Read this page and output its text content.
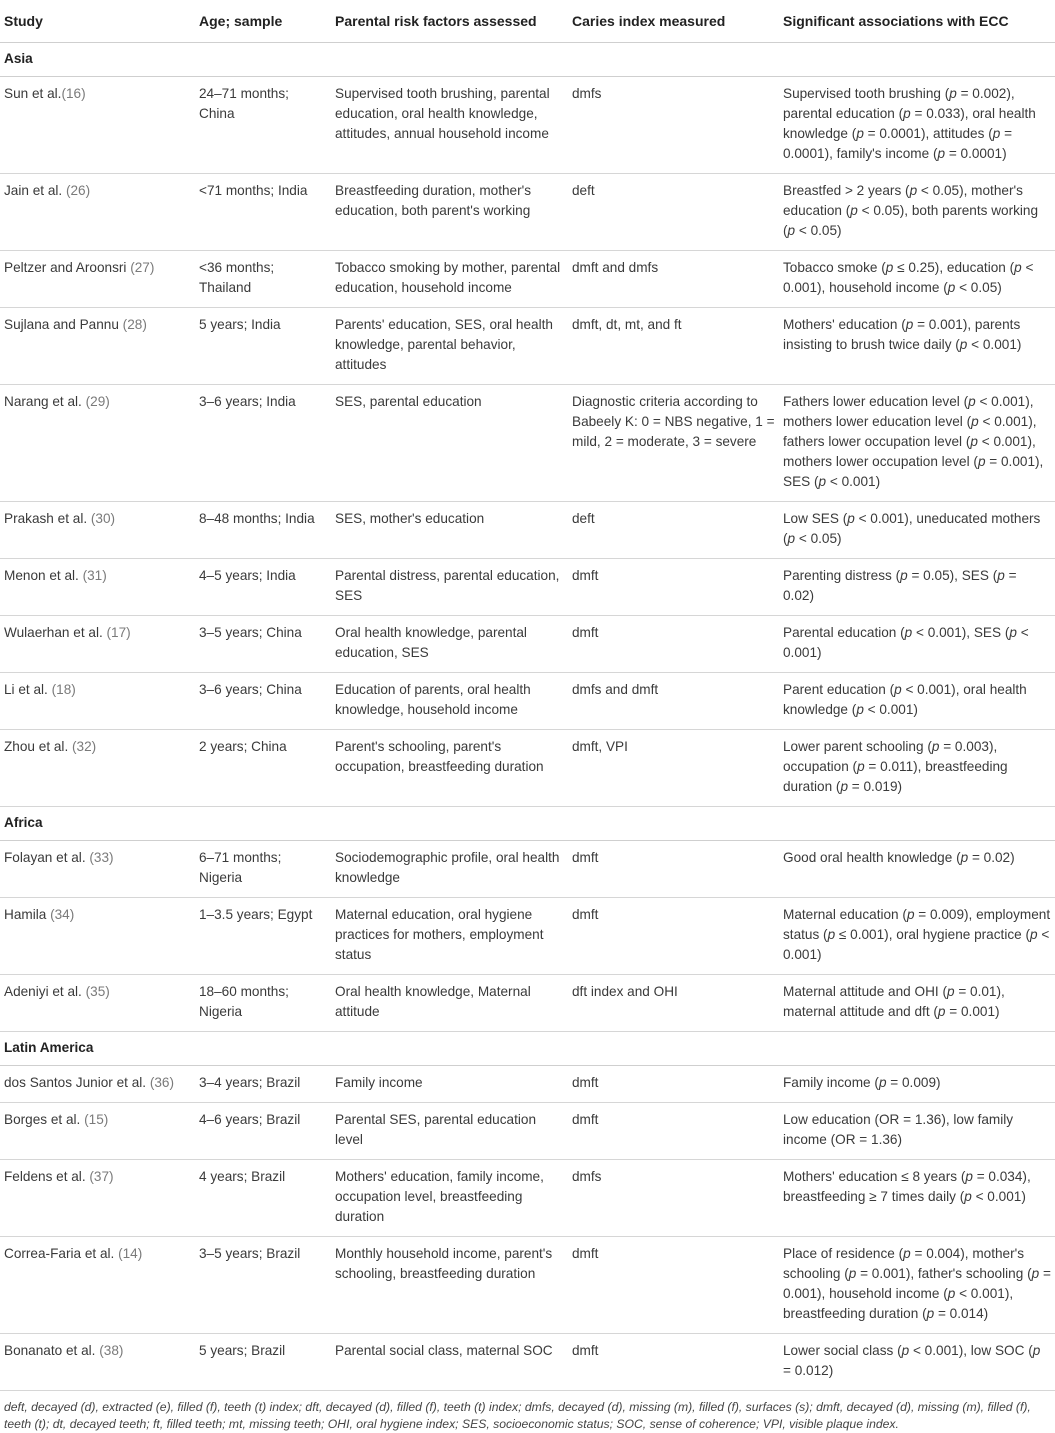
Study	Age; sample	Parental risk factors assessed	Caries index measured	Significant associations with ECC
Asia				
Sun et al.(16)	24–71 months; China	Supervised tooth brushing, parental education, oral health knowledge, attitudes, annual household income	dmfs	Supervised tooth brushing (p = 0.002), parental education (p = 0.033), oral health knowledge (p = 0.0001), attitudes (p = 0.0001), family's income (p = 0.0001)
Jain et al. (26)	<71 months; India	Breastfeeding duration, mother's education, both parent's working	deft	Breastfed > 2 years (p < 0.05), mother's education (p < 0.05), both parents working (p < 0.05)
Peltzer and Aroonsri (27)	<36 months; Thailand	Tobacco smoking by mother, parental education, household income	dmft and dmfs	Tobacco smoke (p ≤ 0.25), education (p < 0.001), household income (p < 0.05)
Sujlana and Pannu (28)	5 years; India	Parents' education, SES, oral health knowledge, parental behavior, attitudes	dmft, dt, mt, and ft	Mothers' education (p = 0.001), parents insisting to brush twice daily (p < 0.001)
Narang et al. (29)	3–6 years; India	SES, parental education	Diagnostic criteria according to Babeely K: 0 = NBS negative, 1 = mild, 2 = moderate, 3 = severe	Fathers lower education level (p < 0.001), mothers lower education level (p < 0.001), fathers lower occupation level (p < 0.001), mothers lower occupation level (p = 0.001), SES (p < 0.001)
Prakash et al. (30)	8–48 months; India	SES, mother's education	deft	Low SES (p < 0.001), uneducated mothers (p < 0.05)
Menon et al. (31)	4–5 years; India	Parental distress, parental education, SES	dmft	Parenting distress (p = 0.05), SES (p = 0.02)
Wulaerhan et al. (17)	3–5 years; China	Oral health knowledge, parental education, SES	dmft	Parental education (p < 0.001), SES (p < 0.001)
Li et al. (18)	3–6 years; China	Education of parents, oral health knowledge, household income	dmfs and dmft	Parent education (p < 0.001), oral health knowledge (p < 0.001)
Zhou et al. (32)	2 years; China	Parent's schooling, parent's occupation, breastfeeding duration	dmft, VPI	Lower parent schooling (p = 0.003), occupation (p = 0.011), breastfeeding duration (p = 0.019)
Africa				
Folayan et al. (33)	6–71 months; Nigeria	Sociodemographic profile, oral health knowledge	dmft	Good oral health knowledge (p = 0.02)
Hamila (34)	1–3.5 years; Egypt	Maternal education, oral hygiene practices for mothers, employment status	dmft	Maternal education (p = 0.009), employment status (p ≤ 0.001), oral hygiene practice (p < 0.001)
Adeniyi et al. (35)	18–60 months; Nigeria	Oral health knowledge, Maternal attitude	dft index and OHI	Maternal attitude and OHI (p = 0.01), maternal attitude and dft (p = 0.001)
Latin America				
dos Santos Junior et al. (36)	3–4 years; Brazil	Family income	dmft	Family income (p = 0.009)
Borges et al. (15)	4–6 years; Brazil	Parental SES, parental education level	dmft	Low education (OR = 1.36), low family income (OR = 1.36)
Feldens et al. (37)	4 years; Brazil	Mothers' education, family income, occupation level, breastfeeding duration	dmfs	Mothers' education ≤ 8 years (p = 0.034), breastfeeding ≥ 7 times daily (p < 0.001)
Correa-Faria et al. (14)	3–5 years; Brazil	Monthly household income, parent's schooling, breastfeeding duration	dmft	Place of residence (p = 0.004), mother's schooling (p = 0.001), father's schooling (p = 0.001), household income (p < 0.001), breastfeeding duration (p = 0.014)
Bonanato et al. (38)	5 years; Brazil	Parental social class, maternal SOC	dmft	Lower social class (p < 0.001), low SOC (p = 0.012)
deft, decayed (d), extracted (e), filled (f), teeth (t) index; dft, decayed (d), filled (f), teeth (t) index; dmfs, decayed (d), missing (m), filled (f), surfaces (s); dmft, decayed (d), missing (m), filled (f), teeth (t); dt, decayed teeth; ft, filled teeth; mt, missing teeth; OHI, oral hygiene index; SES, socioeconomic status; SOC, sense of coherence; VPI, visible plaque index.
